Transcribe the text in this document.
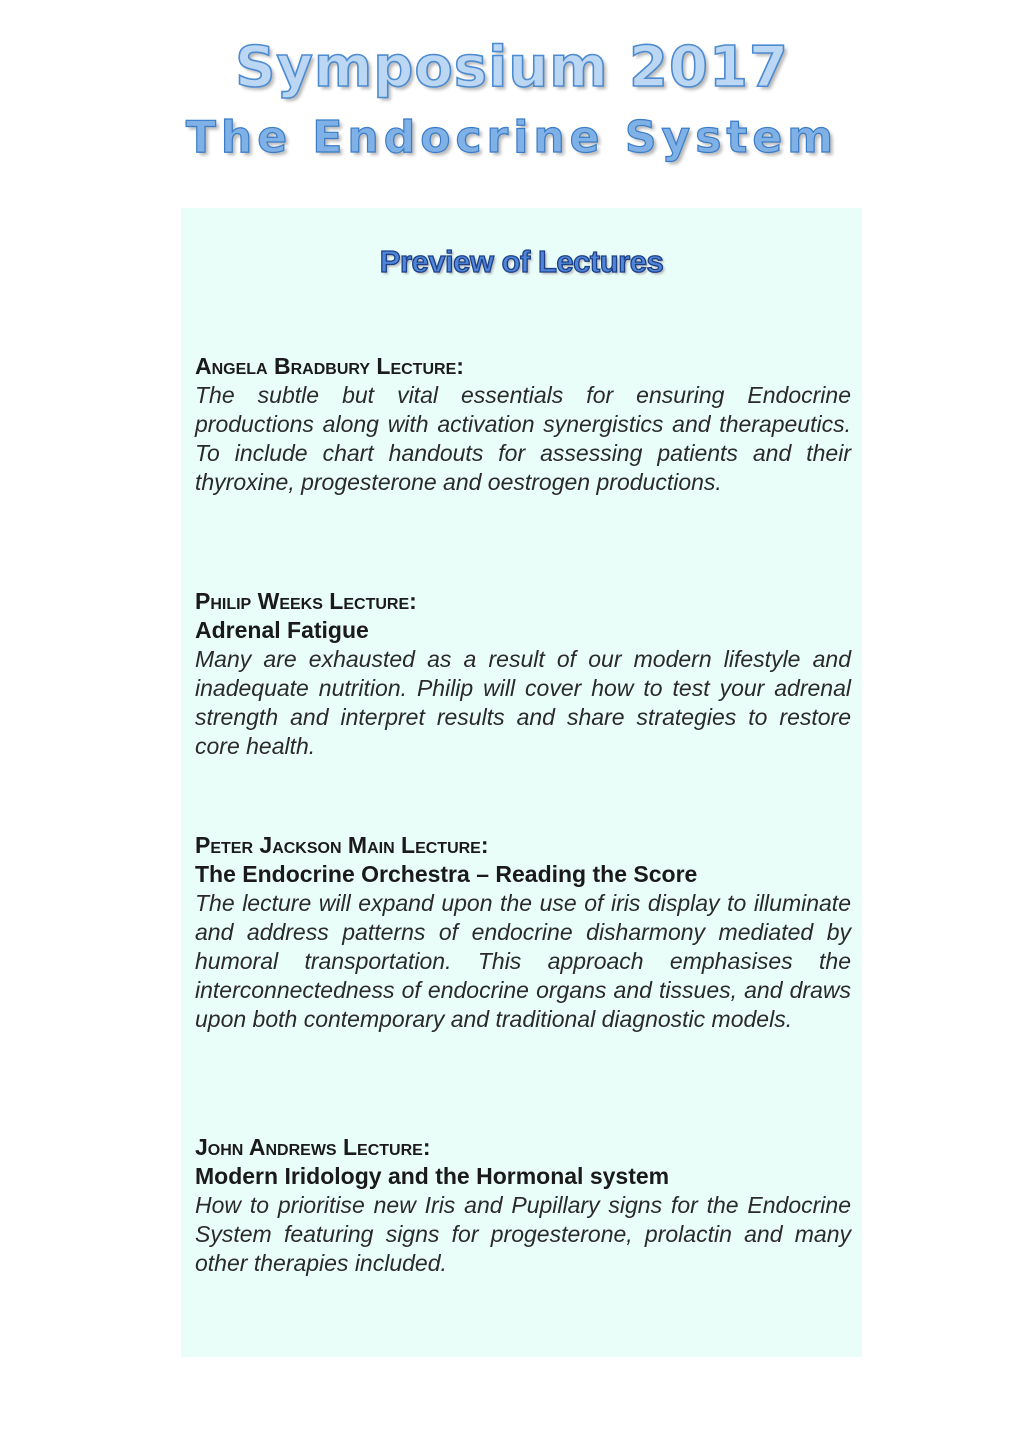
Symposium 2017
The Endocrine System
Preview of Lectures
Angela Bradbury Lecture:

The subtle but vital essentials for ensuring Endocrine productions along with activation synergistics and therapeutics. To include chart handouts for assessing patients and their thyroxine, progesterone and oestrogen productions.

Philip Weeks Lecture:
Adrenal Fatigue

Many are exhausted as a result of our modern lifestyle and inadequate nutrition. Philip will cover how to test your adrenal strength and interpret results and share strategies to restore core health.

Peter Jackson Main Lecture:
The Endocrine Orchestra – Reading the Score

The lecture will expand upon the use of iris display to illuminate and address patterns of endocrine disharmony mediated by humoral transportation. This approach emphasises the interconnectedness of endocrine organs and tissues, and draws upon both contemporary and traditional diagnostic models.

John Andrews Lecture:
Modern Iridology and the Hormonal system

How to prioritise new Iris and Pupillary signs for the Endocrine System featuring signs for progesterone, prolactin and many other therapies included.
